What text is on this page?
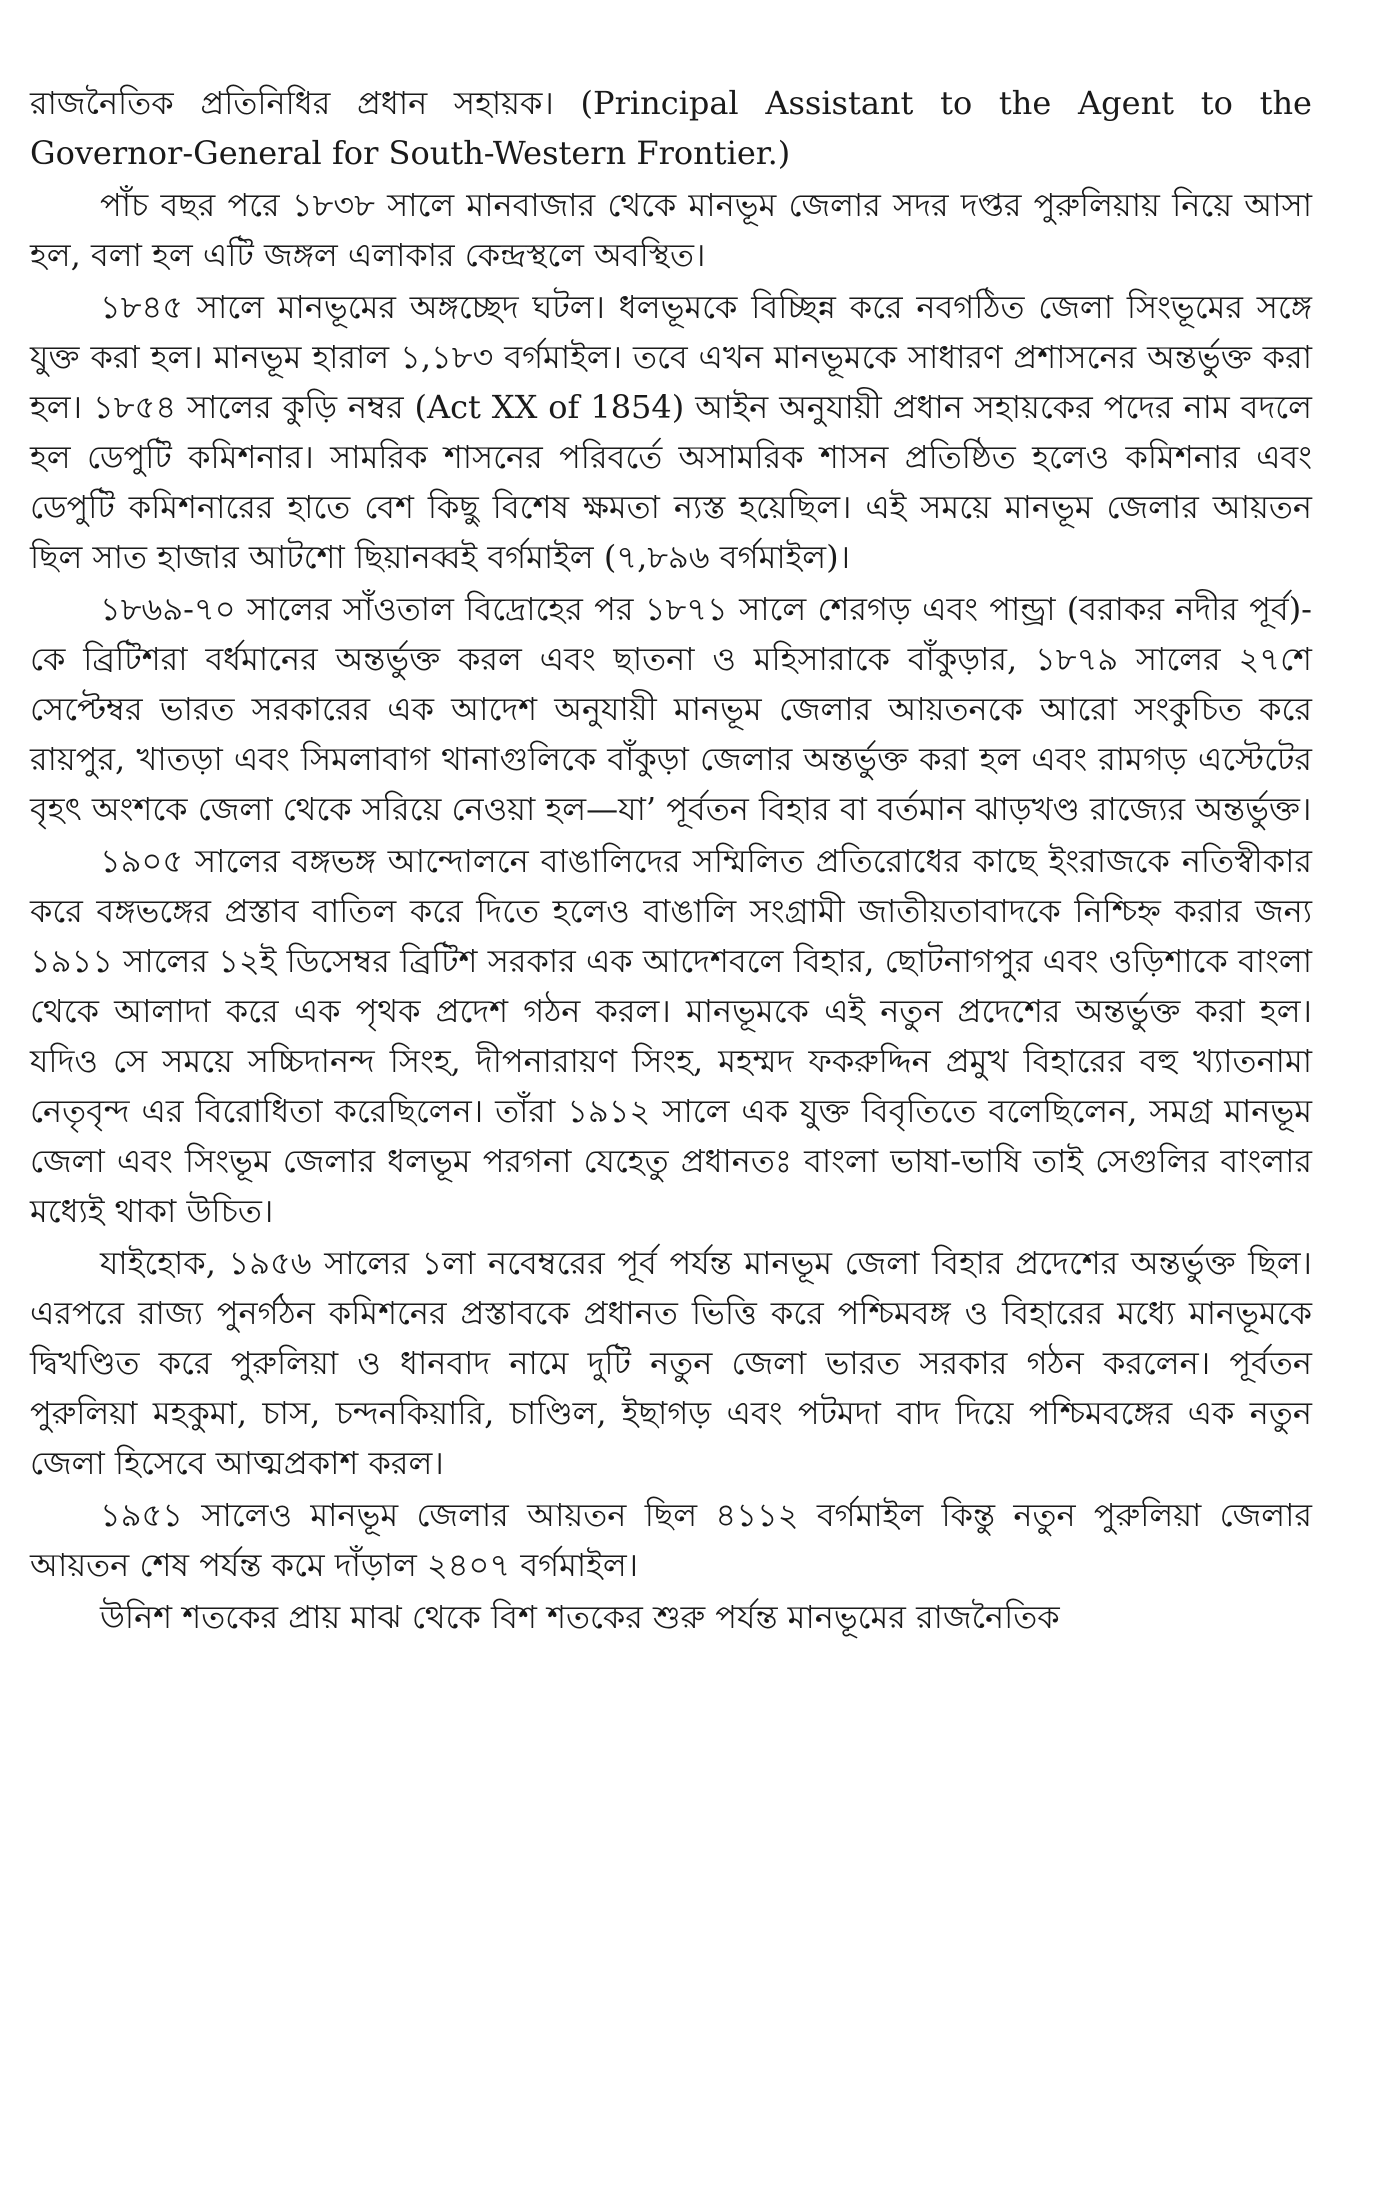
রাজনৈতিক প্রতিনিধির প্রধান সহায়ক। (Principal Assistant to the Agent to the Governor-General for South-Western Frontier.)

পাঁচ বছর পরে ১৮৩৮ সালে মানবাজার থেকে মানভূম জেলার সদর দপ্তর পুরুলিয়ায় নিয়ে আসা হল, বলা হল এটি জঙ্গল এলাকার কেন্দ্রস্থলে অবস্থিত।

১৮৪৫ সালে মানভূমের অঙ্গচ্ছেদ ঘটল। ধলভূমকে বিচ্ছিন্ন করে নবগঠিত জেলা সিংভূমের সঙ্গে যুক্ত করা হল। মানভূম হারাল ১,১৮৩ বর্গমাইল। তবে এখন মানভূমকে সাধারণ প্রশাসনের অন্তর্ভুক্ত করা হল। ১৮৫৪ সালের কুড়ি নম্বর (Act XX of 1854) আইন অনুযায়ী প্রধান সহায়কের পদের নাম বদলে হল ডেপুটি কমিশনার। সামরিক শাসনের পরিবর্তে অসামরিক শাসন প্রতিষ্ঠিত হলেও কমিশনার এবং ডেপুটি কমিশনারের হাতে বেশ কিছু বিশেষ ক্ষমতা ন্যস্ত হয়েছিল। এই সময়ে মানভূম জেলার আয়তন ছিল সাত হাজার আটশো ছিয়ানব্বই বর্গমাইল (৭,৮৯৬ বর্গমাইল)।

১৮৬৯-৭০ সালের সাঁওতাল বিদ্রোহের পর ১৮৭১ সালে শেরগড় এবং পান্ড্রা (বরাকর নদীর পূর্ব)-কে ব্রিটিশরা বর্ধমানের অন্তর্ভুক্ত করল এবং ছাতনা ও মহিসারাকে বাঁকুড়ার, ১৮৭৯ সালের ২৭শে সেপ্টেম্বর ভারত সরকারের এক আদেশ অনুযায়ী মানভূম জেলার আয়তনকে আরো সংকুচিত করে রায়পুর, খাতড়া এবং সিমলাবাগ থানাগুলিকে বাঁকুড়া জেলার অন্তর্ভুক্ত করা হল এবং রামগড় এস্টেটের বৃহৎ অংশকে জেলা থেকে সরিয়ে নেওয়া হল—যা’ পূর্বতন বিহার বা বর্তমান ঝাড়খণ্ড রাজ্যের অন্তর্ভুক্ত।

১৯০৫ সালের বঙ্গভঙ্গ আন্দোলনে বাঙালিদের সম্মিলিত প্রতিরোধের কাছে ইংরাজকে নতিস্বীকার করে বঙ্গভঙ্গের প্রস্তাব বাতিল করে দিতে হলেও বাঙালি সংগ্রামী জাতীয়তাবাদকে নিশ্চিহ্ন করার জন্য ১৯১১ সালের ১২ই ডিসেম্বর ব্রিটিশ সরকার এক আদেশবলে বিহার, ছোটনাগপুর এবং ওড়িশাকে বাংলা থেকে আলাদা করে এক পৃথক প্রদেশ গঠন করল। মানভূমকে এই নতুন প্রদেশের অন্তর্ভুক্ত করা হল। যদিও সে সময়ে সচ্চিদানন্দ সিংহ, দীপনারায়ণ সিংহ, মহম্মদ ফকরুদ্দিন প্রমুখ বিহারের বহু খ্যাতনামা নেতৃবৃন্দ এর বিরোধিতা করেছিলেন। তাঁরা ১৯১২ সালে এক যুক্ত বিবৃতিতে বলেছিলেন, সমগ্র মানভূম জেলা এবং সিংভূম জেলার ধলভূম পরগনা যেহেতু প্রধানতঃ বাংলা ভাষা-ভাষি তাই সেগুলির বাংলার মধ্যেই থাকা উচিত।

যাইহোক, ১৯৫৬ সালের ১লা নবেম্বরের পূর্ব পর্যন্ত মানভূম জেলা বিহার প্রদেশের অন্তর্ভুক্ত ছিল। এরপরে রাজ্য পুনর্গঠন কমিশনের প্রস্তাবকে প্রধানত ভিত্তি করে পশ্চিমবঙ্গ ও বিহারের মধ্যে মানভূমকে দ্বিখণ্ডিত করে পুরুলিয়া ও ধানবাদ নামে দুটি নতুন জেলা ভারত সরকার গঠন করলেন। পূর্বতন পুরুলিয়া মহকুমা, চাস, চন্দনকিয়ারি, চাণ্ডিল, ইছাগড় এবং পটমদা বাদ দিয়ে পশ্চিমবঙ্গের এক নতুন জেলা হিসেবে আত্মপ্রকাশ করল।

১৯৫১ সালেও মানভূম জেলার আয়তন ছিল ৪১১২ বর্গমাইল কিন্তু নতুন পুরুলিয়া জেলার আয়তন শেষ পর্যন্ত কমে দাঁড়াল ২৪০৭ বর্গমাইল।

উনিশ শতকের প্রায় মাঝ থেকে বিশ শতকের শুরু পর্যন্ত মানভূমের রাজনৈতিক
